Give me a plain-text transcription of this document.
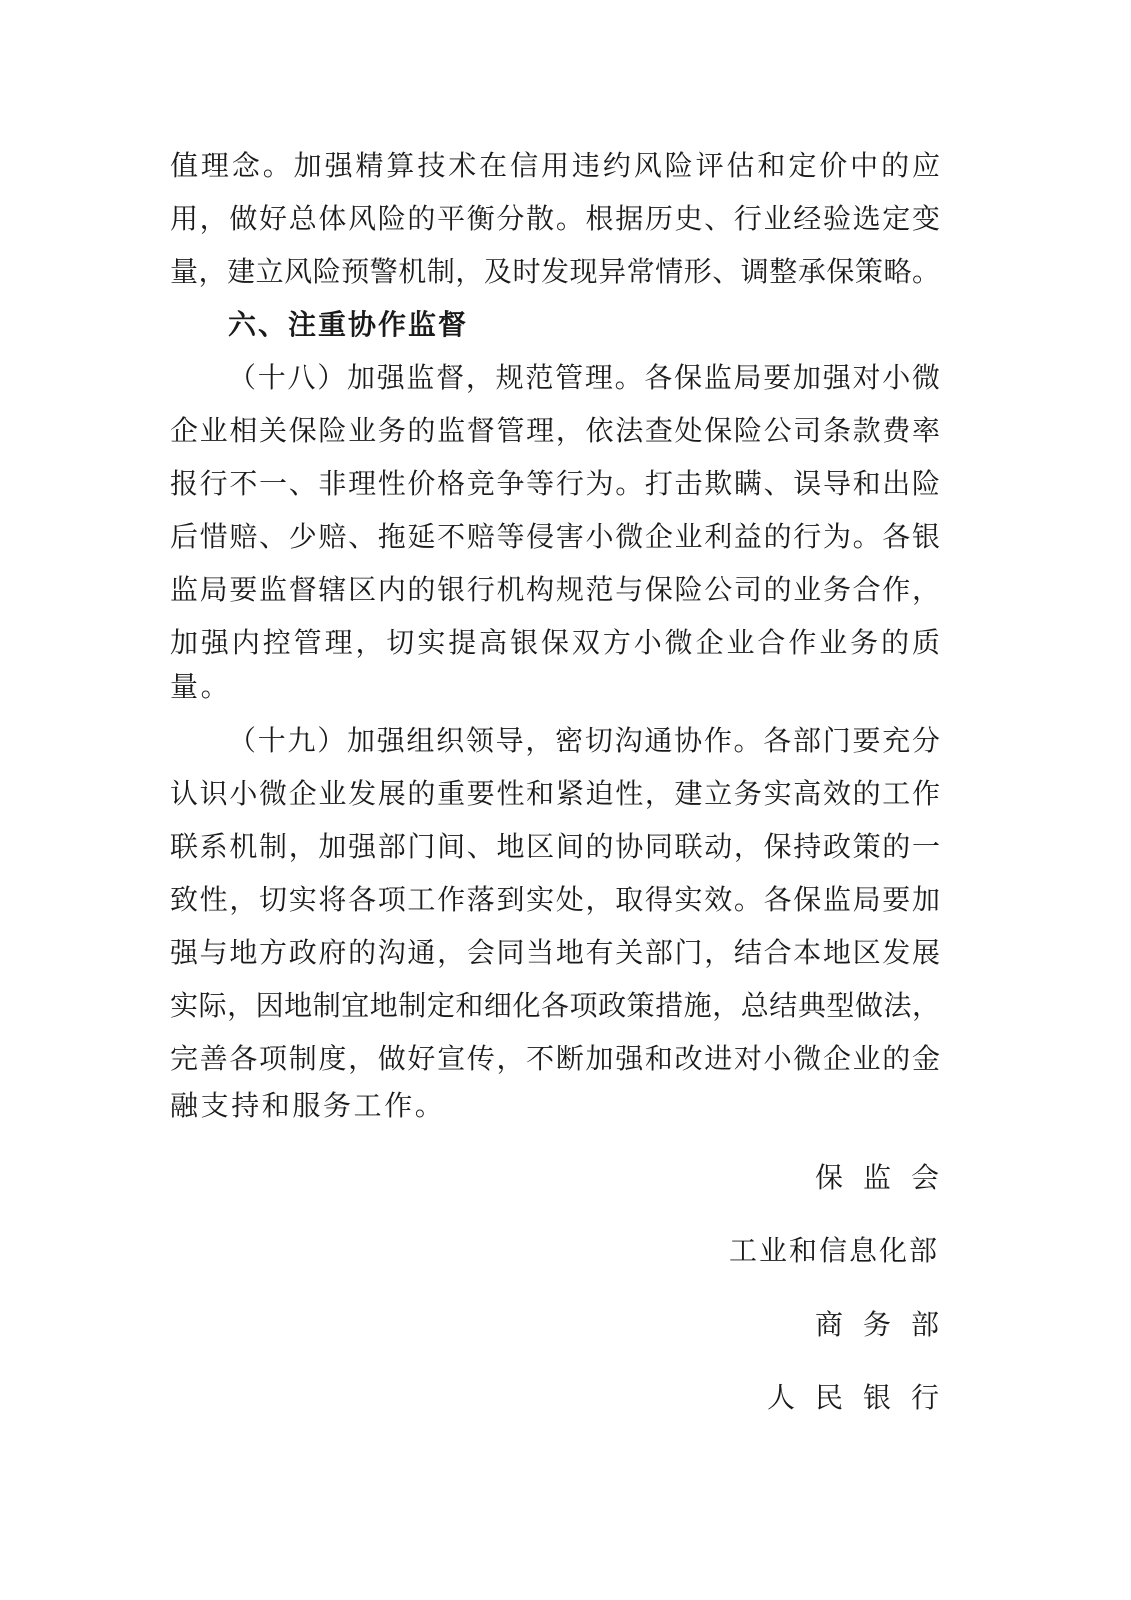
值理念。加强精算技术在信用违约风险评估和定价中的应
用，做好总体风险的平衡分散。根据历史、行业经验选定变
量，建立风险预警机制，及时发现异常情形、调整承保策略。
六、注重协作监督
（十八）加强监督，规范管理。各保监局要加强对小微
企业相关保险业务的监督管理，依法查处保险公司条款费率
报行不一、非理性价格竞争等行为。打击欺瞒、误导和出险
后惜赔、少赔、拖延不赔等侵害小微企业利益的行为。各银
监局要监督辖区内的银行机构规范与保险公司的业务合作，
加强内控管理，切实提高银保双方小微企业合作业务的质
量。
（十九）加强组织领导，密切沟通协作。各部门要充分
认识小微企业发展的重要性和紧迫性，建立务实高效的工作
联系机制，加强部门间、地区间的协同联动，保持政策的一
致性，切实将各项工作落到实处，取得实效。各保监局要加
强与地方政府的沟通，会同当地有关部门，结合本地区发展
实际，因地制宜地制定和细化各项政策措施，总结典型做法，
完善各项制度，做好宣传，不断加强和改进对小微企业的金
融支持和服务工作。
保监会
工业和信息化部
商务部
人民银行
